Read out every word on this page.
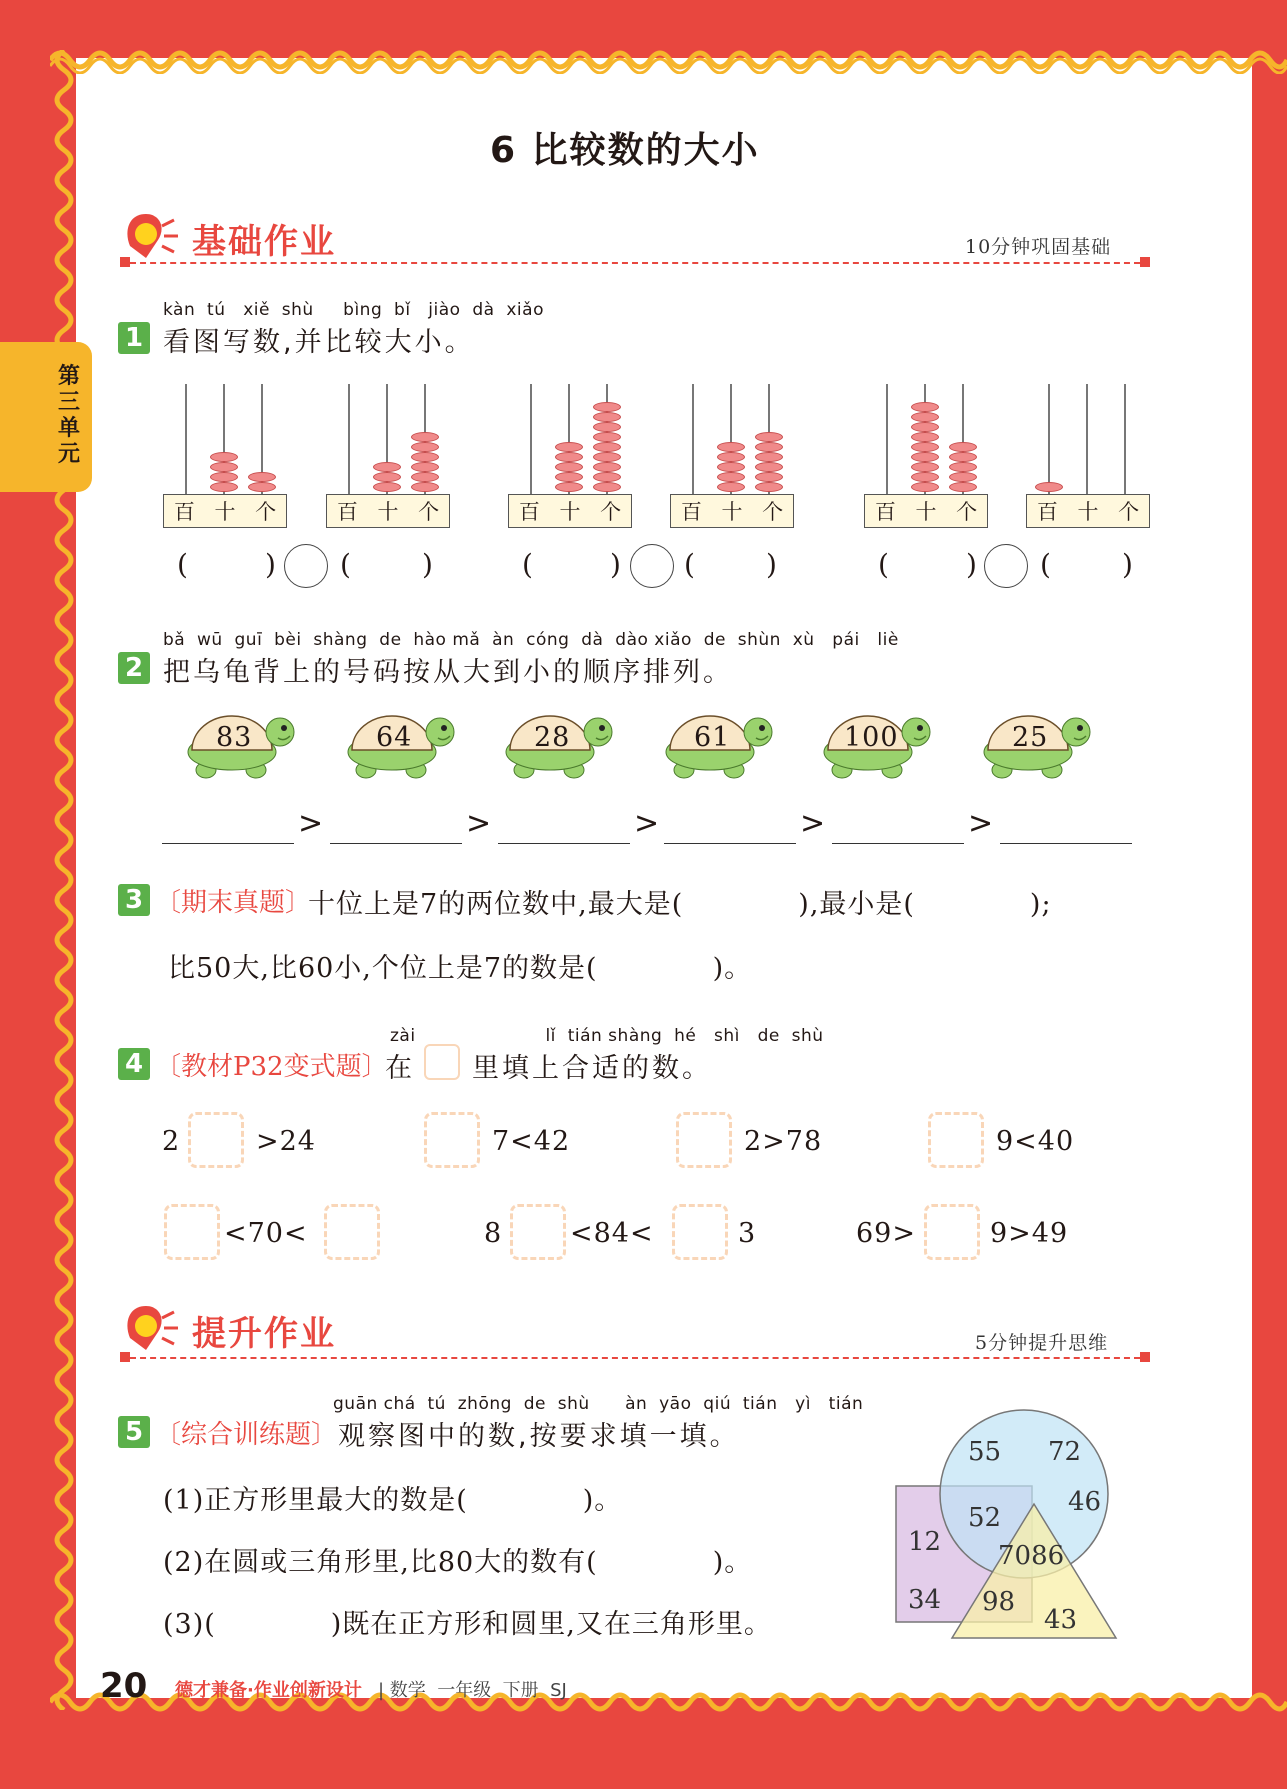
第三单元
6 比较数的大小
基础作业	10分钟巩固基础
kàn  tú   xiě  shù     bìng  bǐ   jiào  dà  xiǎo
1 看图写数,并比较大小。
百 十 个
(	)
百 十 个
(	)
百 十 个
(	)
百 十 个
(	)
百 十 个
(	)
百 十 个
(	)
bǎ  wū  guī  bèi  shàng  de  hào mǎ  àn  cóng  dà  dào xiǎo  de  shùn  xù   pái   liè
2 把乌龟背上的号码按从大到小的顺序排列。
83	64	28	61	100	25
>	>	>	>	>
3 〔期末真题〕
十位上是7的两位数中,最大是(            ),最小是(            );
比50大,比60小,个位上是7的数是(            )。
zài                      lǐ  tián shàng  hé   shì   de  shù
4 〔教材P32变式题〕
在 里填上合适的数。
2	>24	7<42	2>78	9<40
<70<	8	<84<	3	69>	9>49
提升作业	5分钟提升思维
guān chá  tú  zhōng  de  shù      àn  yāo  qiú  tián   yì   tián
5 〔综合训练题〕 观察图中的数,按要求填一填。
(1)正方形里最大的数是(            )。
(2)在圆或三角形里,比80大的数有(            )。
(3)(            )既在正方形和圆里,又在三角形里。
55 72
46
52
12 7086
34 98
43
20 德才兼备·作业创新设计 | 数学  一年级  下册  SJ
